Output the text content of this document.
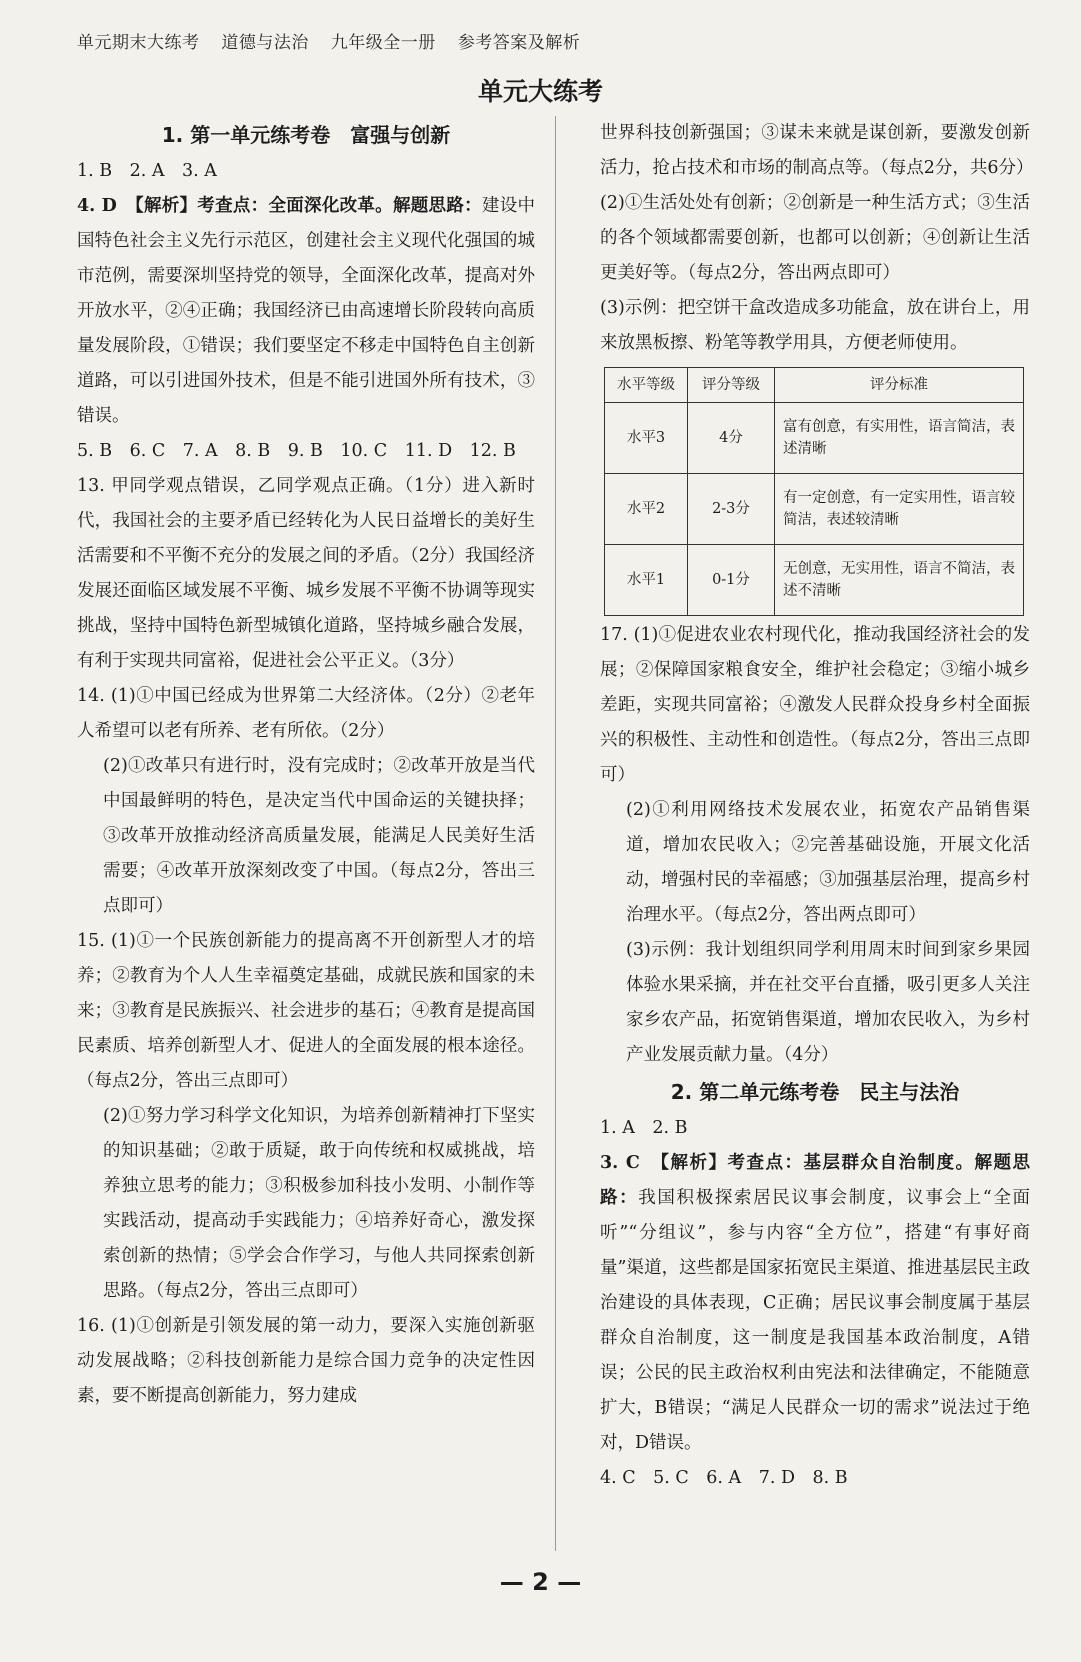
单元期末大练考 道德与法治 九年级全一册 参考答案及解析
单元大练考
1. 第一单元练考卷　富强与创新

1. B　2. A　3. A

4. D　【解析】考查点：全面深化改革。解题思路：建设中国特色社会主义先行示范区，创建社会主义现代化强国的城市范例，需要深圳坚持党的领导，全面深化改革，提高对外开放水平，②④正确；我国经济已由高速增长阶段转向高质量发展阶段，①错误；我们要坚定不移走中国特色自主创新道路，可以引进国外技术，但是不能引进国外所有技术，③错误。

5. B　6. C　7. A　8. B　9. B　10. C　11. D　12. B

13. 甲同学观点错误，乙同学观点正确。（1分）进入新时代，我国社会的主要矛盾已经转化为人民日益增长的美好生活需要和不平衡不充分的发展之间的矛盾。（2分）我国经济发展还面临区域发展不平衡、城乡发展不平衡不协调等现实挑战，坚持中国特色新型城镇化道路，坚持城乡融合发展，有利于实现共同富裕，促进社会公平正义。（3分）

14. (1)①中国已经成为世界第二大经济体。（2分）②老年人希望可以老有所养、老有所依。（2分）

(2)①改革只有进行时，没有完成时；②改革开放是当代中国最鲜明的特色，是决定当代中国命运的关键抉择；③改革开放推动经济高质量发展，能满足人民美好生活需要；④改革开放深刻改变了中国。（每点2分，答出三点即可）

15. (1)①一个民族创新能力的提高离不开创新型人才的培养；②教育为个人人生幸福奠定基础，成就民族和国家的未来；③教育是民族振兴、社会进步的基石；④教育是提高国民素质、培养创新型人才、促进人的全面发展的根本途径。（每点2分，答出三点即可）

(2)①努力学习科学文化知识，为培养创新精神打下坚实的知识基础；②敢于质疑，敢于向传统和权威挑战，培养独立思考的能力；③积极参加科技小发明、小制作等实践活动，提高动手实践能力；④培养好奇心，激发探索创新的热情；⑤学会合作学习，与他人共同探索创新思路。（每点2分，答出三点即可）

16. (1)①创新是引领发展的第一动力，要深入实施创新驱动发展战略；②科技创新能力是综合国力竞争的决定性因素，要不断提高创新能力，努力建成

世界科技创新强国；③谋未来就是谋创新，要激发创新活力，抢占技术和市场的制高点等。（每点2分，共6分）

(2)①生活处处有创新；②创新是一种生活方式；③生活的各个领域都需要创新，也都可以创新；④创新让生活更美好等。（每点2分，答出两点即可）

(3)示例：把空饼干盒改造成多功能盒，放在讲台上，用来放黑板擦、粉笔等教学用具，方便老师使用。

水平等级	评分等级	评分标准
水平3	4分	富有创意，有实用性，语言简洁，表述清晰
水平2	2-3分	有一定创意，有一定实用性，语言较简洁，表述较清晰
水平1	0-1分	无创意，无实用性，语言不简洁，表述不清晰

17. (1)①促进农业农村现代化，推动我国经济社会的发展；②保障国家粮食安全，维护社会稳定；③缩小城乡差距，实现共同富裕；④激发人民群众投身乡村全面振兴的积极性、主动性和创造性。（每点2分，答出三点即可）

(2)①利用网络技术发展农业，拓宽农产品销售渠道，增加农民收入；②完善基础设施，开展文化活动，增强村民的幸福感；③加强基层治理，提高乡村治理水平。（每点2分，答出两点即可）

(3)示例：我计划组织同学利用周末时间到家乡果园体验水果采摘，并在社交平台直播，吸引更多人关注家乡农产品，拓宽销售渠道，增加农民收入，为乡村产业发展贡献力量。（4分）

2. 第二单元练考卷　民主与法治

1. A　2. B

3. C　【解析】考查点：基层群众自治制度。解题思路：我国积极探索居民议事会制度，议事会上“全面听”“分组议”，参与内容“全方位”，搭建“有事好商量”渠道，这些都是国家拓宽民主渠道、推进基层民主政治建设的具体表现，C正确；居民议事会制度属于基层群众自治制度，这一制度是我国基本政治制度，A错误；公民的民主政治权利由宪法和法律确定，不能随意扩大，B错误；“满足人民群众一切的需求”说法过于绝对，D错误。

4. C　5. C　6. A　7. D　8. B

— 2 —
